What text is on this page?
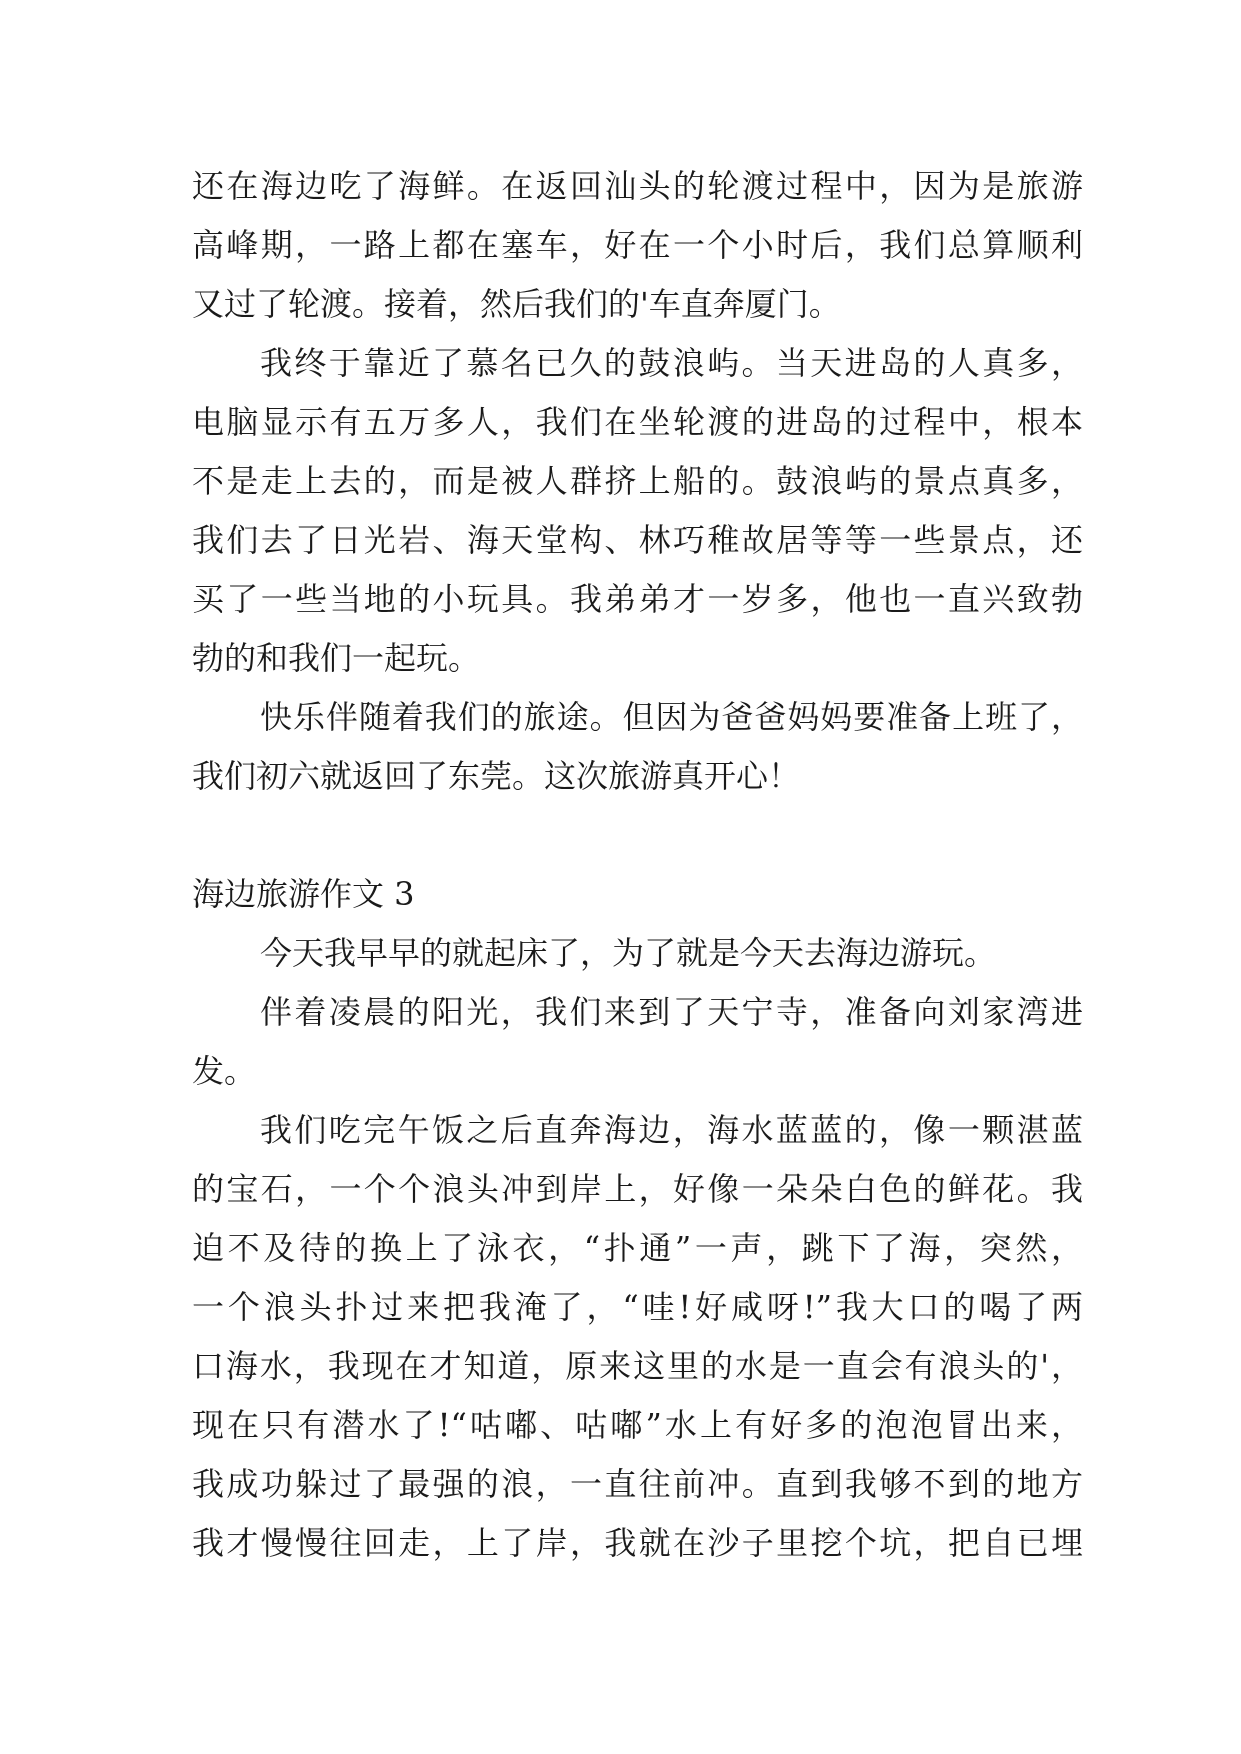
还在海边吃了海鲜。在返回汕头的轮渡过程中，因为是旅游
高峰期，一路上都在塞车，好在一个小时后，我们总算顺利
又过了轮渡。接着，然后我们的'车直奔厦门。
我终于靠近了慕名已久的鼓浪屿。当天进岛的人真多，
电脑显示有五万多人，我们在坐轮渡的进岛的过程中，根本
不是走上去的，而是被人群挤上船的。鼓浪屿的景点真多，
我们去了日光岩、海天堂构、林巧稚故居等等一些景点，还
买了一些当地的小玩具。我弟弟才一岁多，他也一直兴致勃
勃的和我们一起玩。
快乐伴随着我们的旅途。但因为爸爸妈妈要准备上班了，
我们初六就返回了东莞。这次旅游真开心！
海边旅游作文 3
今天我早早的就起床了，为了就是今天去海边游玩。
伴着凌晨的阳光，我们来到了天宁寺，准备向刘家湾进
发。
我们吃完午饭之后直奔海边，海水蓝蓝的，像一颗湛蓝
的宝石，一个个浪头冲到岸上，好像一朵朵白色的鲜花。我
迫不及待的换上了泳衣，“扑通”一声，跳下了海，突然，
一个浪头扑过来把我淹了，“哇!好咸呀!”我大口的喝了两
口海水，我现在才知道，原来这里的水是一直会有浪头的'，
现在只有潜水了!“咕嘟、咕嘟”水上有好多的泡泡冒出来，
我成功躲过了最强的浪，一直往前冲。直到我够不到的地方
我才慢慢往回走，上了岸，我就在沙子里挖个坑，把自已埋
